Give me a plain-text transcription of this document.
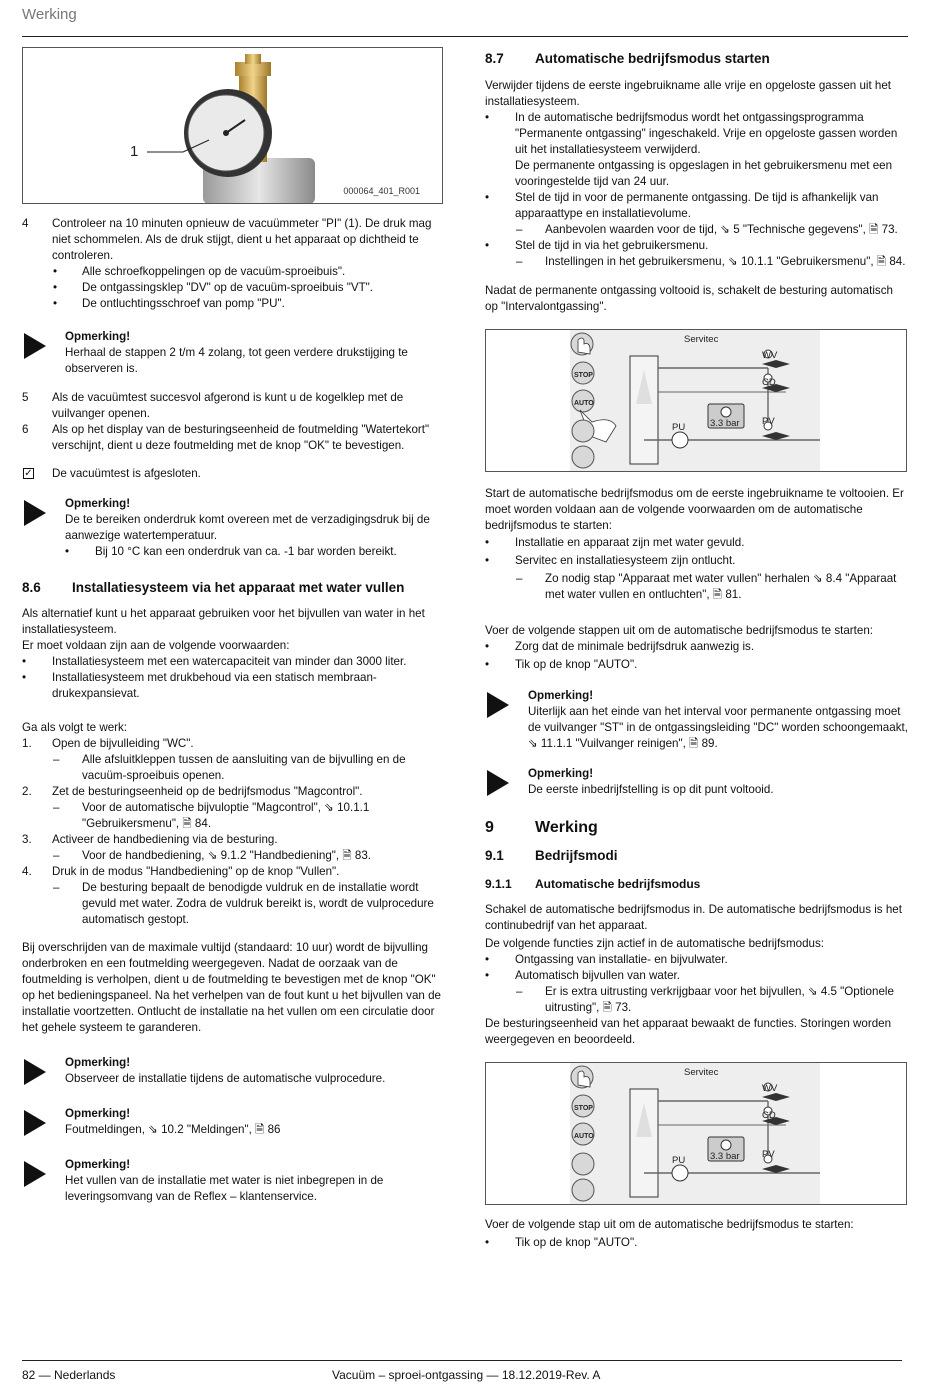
Werking
1
000064_401_R001
4 Controleer na 10 minuten opnieuw de vacuümmeter "PI" (1). De druk mag niet schommelen. Als de druk stijgt, dient u het apparaat op dichtheid te controleren.
• Alle schroefkoppelingen op de vacuüm-sproeibuis".
• De ontgassingsklep "DV" op de vacuüm-sproeibuis "VT".
• De ontluchtingsschroef van pomp "PU".
Opmerking!
Herhaal de stappen 2 t/m 4 zolang, tot geen verdere drukstijging te observeren is.
5 Als de vacuümtest succesvol afgerond is kunt u de kogelklep met de vuilvanger openen.
6 Als op het display van de besturingseenheid de foutmelding "Watertekort" verschijnt, dient u deze foutmelding met de knop "OK" te bevestigen.
✓ De vacuümtest is afgesloten.
Opmerking!
De te bereiken onderdruk komt overeen met de verzadigingsdruk bij de aanwezige watertemperatuur.
• Bij 10 °C kan een onderdruk van ca. -1 bar worden bereikt.
8.6	Installatiesysteem via het apparaat met water vullen
Als alternatief kunt u het apparaat gebruiken voor het bijvullen van water in het installatiesysteem.
Er moet voldaan zijn aan de volgende voorwaarden:
• Installatiesysteem met een watercapaciteit van minder dan 3000 liter.
• Installatiesysteem met drukbehoud via een statisch membraan-drukexpansievat.
Ga als volgt te werk:
1. Open de bijvulleiding "WC".
– Alle afsluitkleppen tussen de aansluiting van de bijvulling en de vacuüm-sproeibuis openen.
2. Zet de besturingseenheid op de bedrijfsmodus "Magcontrol".
– Voor de automatische bijvuloptie "Magcontrol", ⇘ 10.1.1 "Gebruikersmenu", 🗎 84.
3. Activeer de handbediening via de besturing.
– Voor de handbediening, ⇘ 9.1.2 "Handbediening", 🗎 83.
4. Druk in de modus "Handbediening" op de knop "Vullen".
– De besturing bepaalt de benodigde vuldruk en de installatie wordt gevuld met water. Zodra de vuldruk bereikt is, wordt de vulprocedure automatisch gestopt.
Bij overschrijden van de maximale vultijd (standaard: 10 uur) wordt de bijvulling onderbroken en een foutmelding weergegeven. Nadat de oorzaak van de foutmelding is verholpen, dient u de foutmelding te bevestigen met de knop "OK" op het bedieningspaneel. Na het verhelpen van de fout kunt u het bijvullen van de installatie voortzetten. Ontlucht de installatie na het vullen om een circulatie door het gehele systeem te garanderen.
Opmerking!
Observeer de installatie tijdens de automatische vulprocedure.
Opmerking!
Foutmeldingen, ⇘ 10.2 "Meldingen", 🗎 86
Opmerking!
Het vullen van de installatie met water is niet inbegrepen in de leveringsomvang van de Reflex – klantenservice.
8.7	Automatische bedrijfsmodus starten
Verwijder tijdens de eerste ingebruikname alle vrije en opgeloste gassen uit het installatiesysteem.
• In de automatische bedrijfsmodus wordt het ontgassingsprogramma "Permanente ontgassing" ingeschakeld. Vrije en opgeloste gassen worden uit het installatiesysteem verwijderd.
De permanente ontgassing is opgeslagen in het gebruikersmenu met een vooringestelde tijd van 24 uur.
• Stel de tijd in voor de permanente ontgassing. De tijd is afhankelijk van apparaattype en installatievolume.
– Aanbevolen waarden voor de tijd, ⇘ 5 "Technische gegevens", 🗎 73.
• Stel de tijd in via het gebruikersmenu.
– Instellingen in het gebruikersmenu, ⇘ 10.1.1 "Gebruikersmenu", 🗎 84.
Nadat de permanente ontgassing voltooid is, schakelt de besturing automatisch op "Intervalontgassing".
STOP
AUTO
Servitec
WV
CD
PV
PU	3.3 bar
Start de automatische bedrijfsmodus om de eerste ingebruikname te voltooien. Er moet worden voldaan aan de volgende voorwaarden om de automatische bedrijfsmodus te starten:
• Installatie en apparaat zijn met water gevuld.
• Servitec en installatiesysteem zijn ontlucht.
– Zo nodig stap "Apparaat met water vullen" herhalen ⇘ 8.4 "Apparaat met water vullen en ontluchten", 🗎 81.
Voer de volgende stappen uit om de automatische bedrijfsmodus te starten:
• Zorg dat de minimale bedrijfsdruk aanwezig is.
• Tik op de knop "AUTO".
Opmerking!
Uiterlijk aan het einde van het interval voor permanente ontgassing moet de vuilvanger "ST" in de ontgassingsleiding "DC" worden schoongemaakt, ⇘ 11.1.1 "Vuilvanger reinigen", 🗎 89.
Opmerking!
De eerste inbedrijfstelling is op dit punt voltooid.
9	Werking
9.1	Bedrijfsmodi
9.1.1	Automatische bedrijfsmodus
Schakel de automatische bedrijfsmodus in. De automatische bedrijfsmodus is het continubedrijf van het apparaat.
De volgende functies zijn actief in de automatische bedrijfsmodus:
• Ontgassing van installatie- en bijvulwater.
• Automatisch bijvullen van water.
– Er is extra uitrusting verkrijgbaar voor het bijvullen, ⇘ 4.5 "Optionele uitrusting", 🗎 73.
De besturingseenheid van het apparaat bewaakt de functies. Storingen worden weergegeven en beoordeeld.
STOP
AUTO
Servitec
WV
CD
PV
PU	3.3 bar
Voer de volgende stap uit om de automatische bedrijfsmodus te starten:
• Tik op de knop "AUTO".
82 — Nederlands	Vacuüm – sproei-ontgassing — 18.12.2019-Rev. A
